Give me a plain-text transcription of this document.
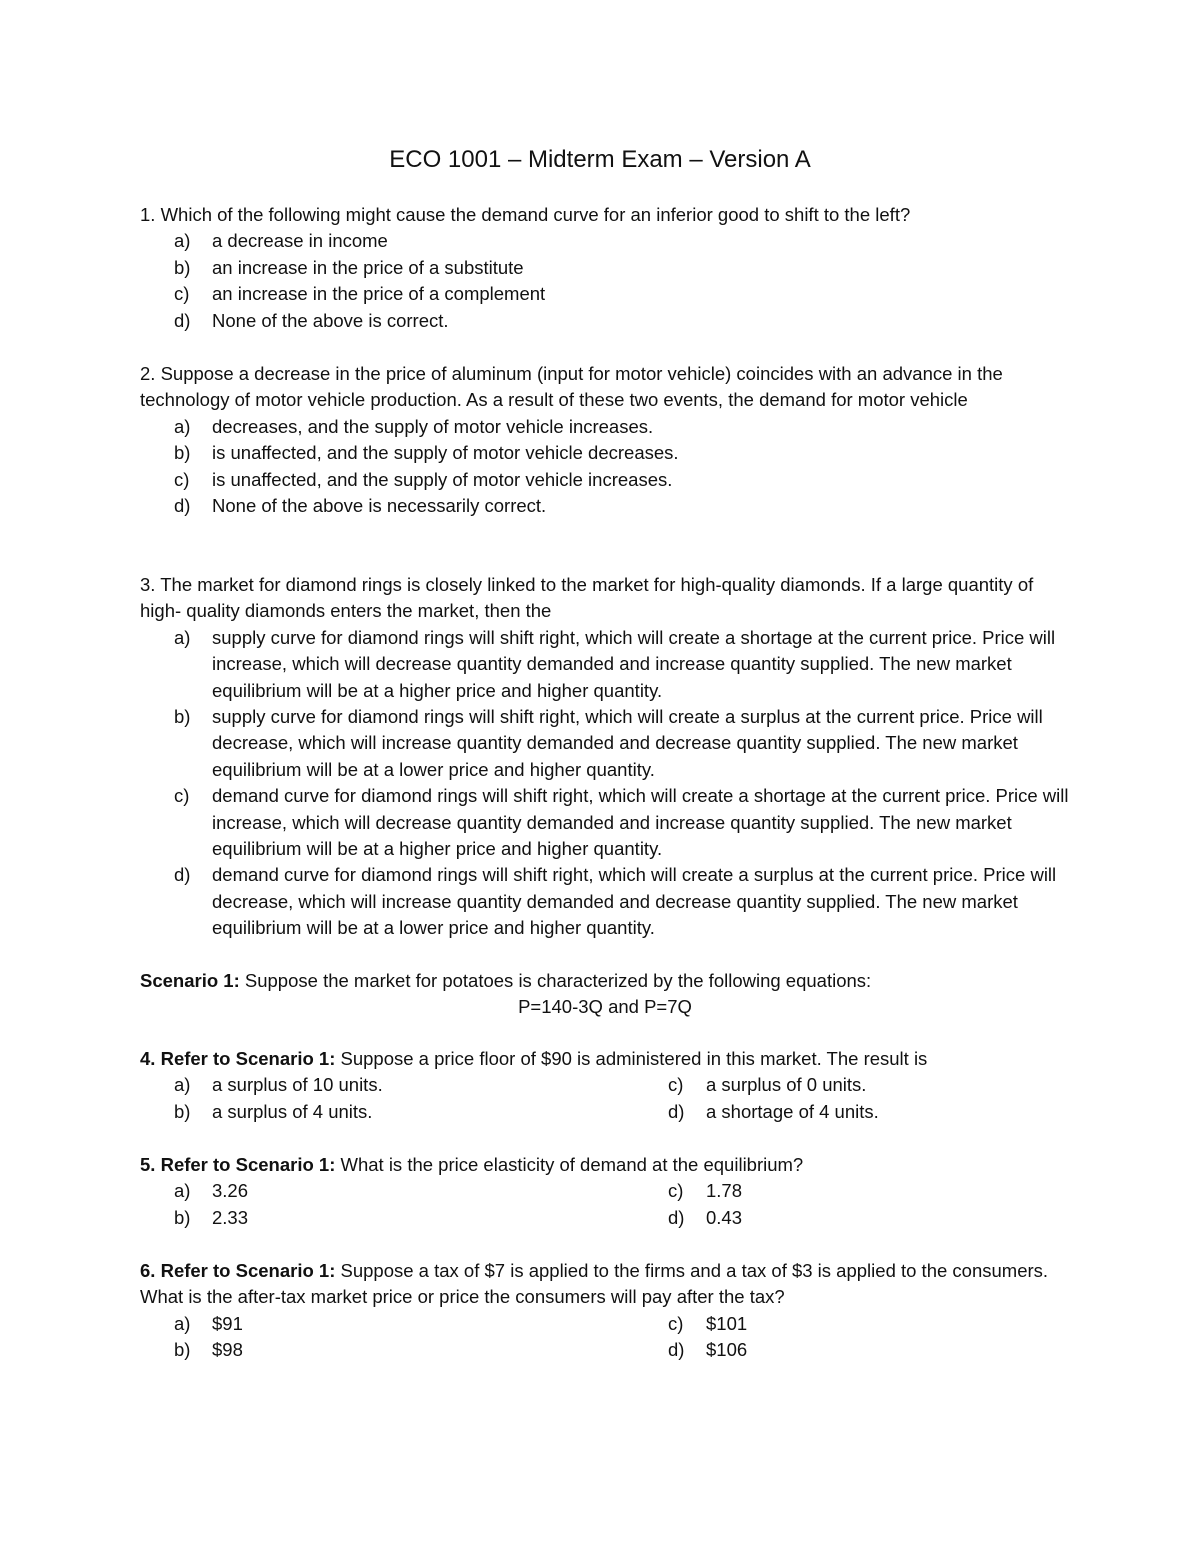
ECO 1001 – Midterm Exam – Version A
1. Which of the following might cause the demand curve for an inferior good to shift to the left?
a)	a decrease in income
b)	an increase in the price of a substitute
c)	an increase in the price of a complement
d)	None of the above is correct.
2. Suppose a decrease in the price of aluminum (input for motor vehicle) coincides with an advance in the technology of motor vehicle production. As a result of these two events, the demand for motor vehicle
a)	decreases, and the supply of motor vehicle increases.
b)	is unaffected, and the supply of motor vehicle decreases.
c)	is unaffected, and the supply of motor vehicle increases.
d)	None of the above is necessarily correct.
3. The market for diamond rings is closely linked to the market for high-quality diamonds. If a large quantity of high- quality diamonds enters the market, then the
a)	supply curve for diamond rings will shift right, which will create a shortage at the current price. Price will increase, which will decrease quantity demanded and increase quantity supplied. The new market equilibrium will be at a higher price and higher quantity.
b)	supply curve for diamond rings will shift right, which will create a surplus at the current price. Price will decrease, which will increase quantity demanded and decrease quantity supplied. The new market equilibrium will be at a lower price and higher quantity.
c)	demand curve for diamond rings will shift right, which will create a shortage at the current price. Price will increase, which will decrease quantity demanded and increase quantity supplied. The new market equilibrium will be at a higher price and higher quantity.
d)	demand curve for diamond rings will shift right, which will create a surplus at the current price. Price will decrease, which will increase quantity demanded and decrease quantity supplied. The new market equilibrium will be at a lower price and higher quantity.
Scenario 1: Suppose the market for potatoes is characterized by the following equations:
P=140-3Q and P=7Q
4. Refer to Scenario 1: Suppose a price floor of $90 is administered in this market. The result is
a)	a surplus of 10 units.	c)	a surplus of 0 units.
b)	a surplus of 4 units.	d)	a shortage of 4 units.
5. Refer to Scenario 1: What is the price elasticity of demand at the equilibrium?
a)	3.26	c)	1.78
b)	2.33	d)	0.43
6. Refer to Scenario 1: Suppose a tax of $7 is applied to the firms and a tax of $3 is applied to the consumers. What is the after-tax market price or price the consumers will pay after the tax?
a)	$91	c)	$101
b)	$98	d)	$106
